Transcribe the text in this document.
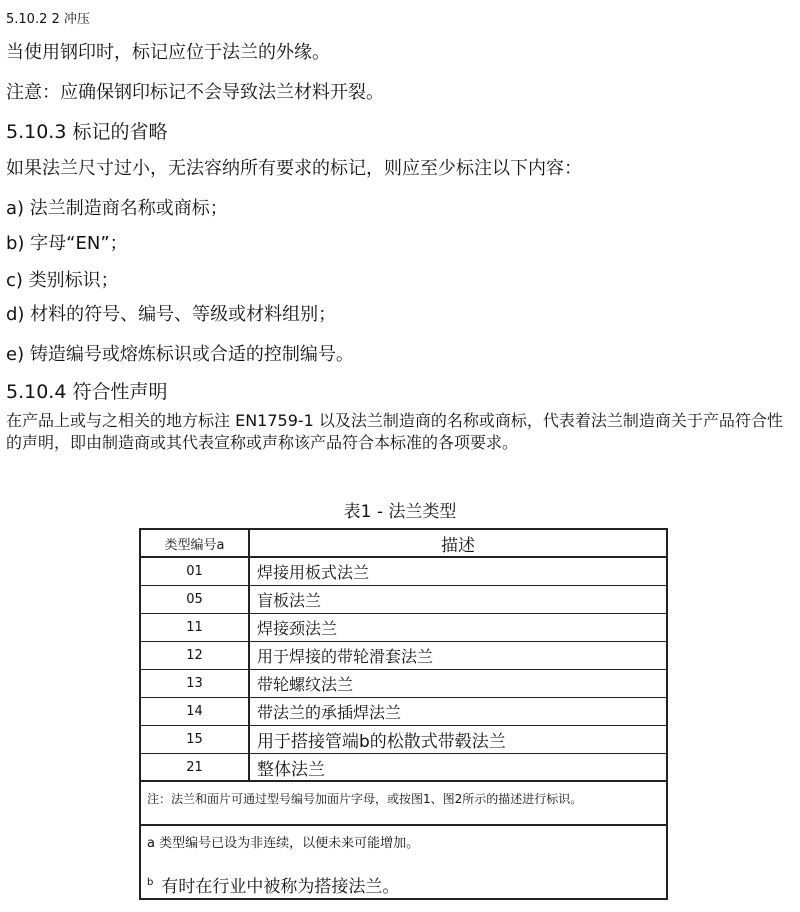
5.10.2 2 冲压
当使用钢印时，标记应位于法兰的外缘。
注意：应确保钢印标记不会导致法兰材料开裂。
5.10.3 标记的省略
如果法兰尺寸过小，无法容纳所有要求的标记，则应至少标注以下内容：
a) 法兰制造商名称或商标；
b) 字母“EN”；
c) 类别标识；
d) 材料的符号、编号、等级或材料组别；
e) 铸造编号或熔炼标识或合适的控制编号。
5.10.4 符合性声明
在产品上或与之相关的地方标注 EN1759-1 以及法兰制造商的名称或商标，代表着法兰制造商关于产品符合性的声明，即由制造商或其代表宣称或声称该产品符合本标准的各项要求。
表1 - 法兰类型
类型编号a	描述
01	焊接用板式法兰
05	盲板法兰
11	焊接颈法兰
12	用于焊接的带轮滑套法兰
13	带轮螺纹法兰
14	带法兰的承插焊法兰
15	用于搭接管端b的松散式带毂法兰
21	整体法兰
注：法兰和面片可通过型号编号加面片字母，或按图1、图2所示的描述进行标识。
a 类型编号已设为非连续，以便未来可能增加。
$^b$ 有时在行业中被称为搭接法兰。
